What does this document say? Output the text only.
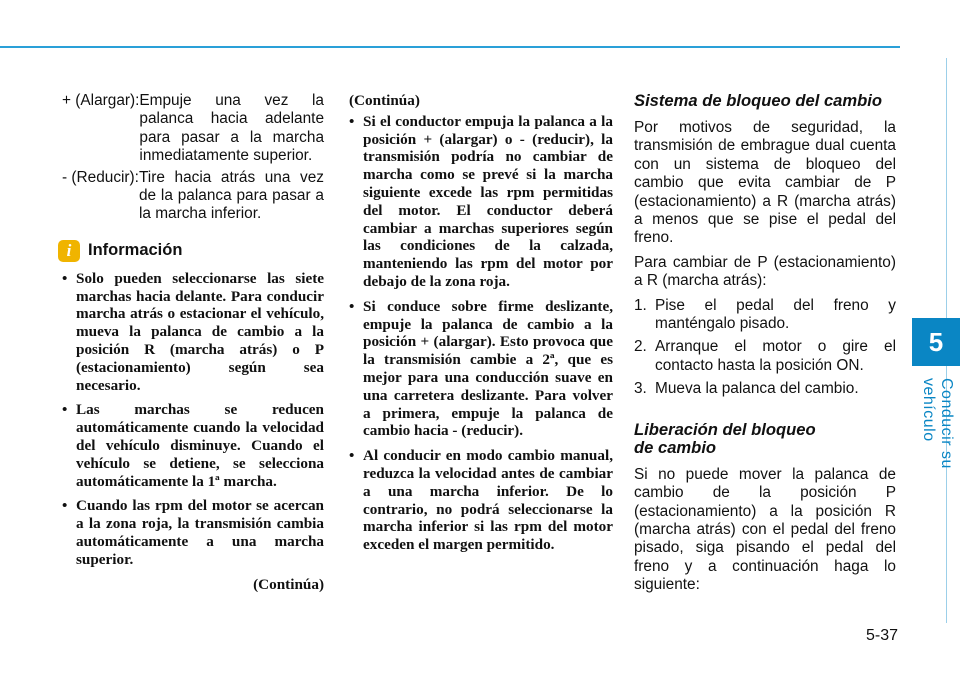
5
Conducir su vehículo
5-37
+ (Alargar): Empuje una vez la palanca hacia adelante para pasar a la marcha inmediatamente superior.
- (Reducir): Tire hacia atrás una vez de la palanca para pasar a la marcha inferior.
i	Información
• Solo pueden seleccionarse las siete marchas hacia delante. Para conducir marcha atrás o estacionar el vehículo, mueva la palanca de cambio a la posición R (marcha atrás) o P (estacionamiento) según sea necesario.
• Las marchas se reducen automáticamente cuando la velocidad del vehículo disminuye. Cuando el vehículo se detiene, se selecciona automáticamente la 1ª marcha.
• Cuando las rpm del motor se acercan a la zona roja, la transmisión cambia automáticamente a una marcha superior.
(Continúa)
(Continúa)
• Si el conductor empuja la palanca a la posición + (alargar) o - (reducir), la transmisión podría no cambiar de marcha como se prevé si la marcha siguiente excede las rpm permitidas del motor. El conductor deberá cambiar a marchas superiores según las condiciones de la calzada, manteniendo las rpm del motor por debajo de la zona roja.
• Si conduce sobre firme deslizante, empuje la palanca de cambio a la posición + (alargar). Esto provoca que la transmisión cambie a 2ª, que es mejor para una conducción suave en una carretera deslizante. Para volver a primera, empuje la palanca de cambio hacia - (reducir).
• Al conducir en modo cambio manual, reduzca la velocidad antes de cambiar a una marcha inferior. De lo contrario, no podrá seleccionarse la marcha inferior si las rpm del motor exceden el margen permitido.
Sistema de bloqueo del cambio

Por motivos de seguridad, la transmisión de embrague dual cuenta con un sistema de bloqueo del cambio que evita cambiar de P (estacionamiento) a R (marcha atrás) a menos que se pise el pedal del freno.

Para cambiar de P (estacionamiento) a R (marcha atrás):

1. Pise el pedal del freno y manténgalo pisado.
2. Arranque el motor o gire el contacto hasta la posición ON.
3. Mueva la palanca del cambio.
Liberación del bloqueo de cambio

Si no puede mover la palanca de cambio de la posición P (estacionamiento) a la posición R (marcha atrás) con el pedal del freno pisado, siga pisando el pedal del freno y a continuación haga lo siguiente:
